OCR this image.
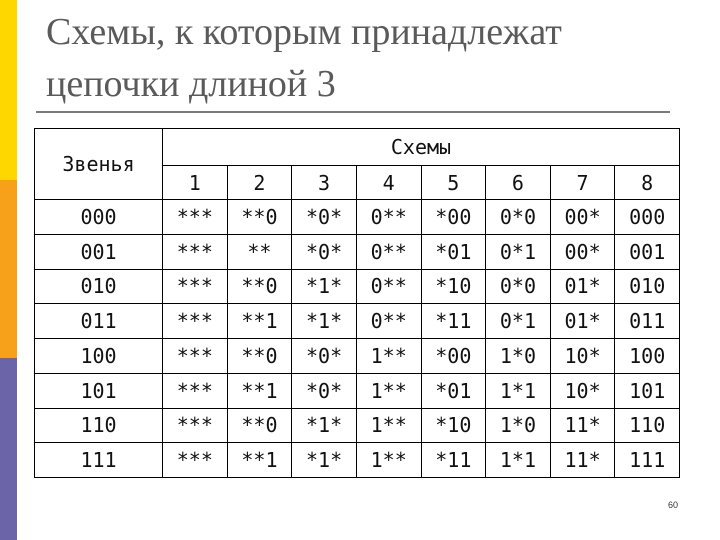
Схемы, к которым принадлежат
цепочки длиной 3
Звенья	Схемы							
	1	2	3	4	5	6	7	8
000	***	**0	*0*	0**	*00	0*0	00*	000
001	***	**	*0*	0**	*01	0*1	00*	001
010	***	**0	*1*	0**	*10	0*0	01*	010
011	***	**1	*1*	0**	*11	0*1	01*	011
100	***	**0	*0*	1**	*00	1*0	10*	100
101	***	**1	*0*	1**	*01	1*1	10*	101
110	***	**0	*1*	1**	*10	1*0	11*	110
111	***	**1	*1*	1**	*11	1*1	11*	111
60
